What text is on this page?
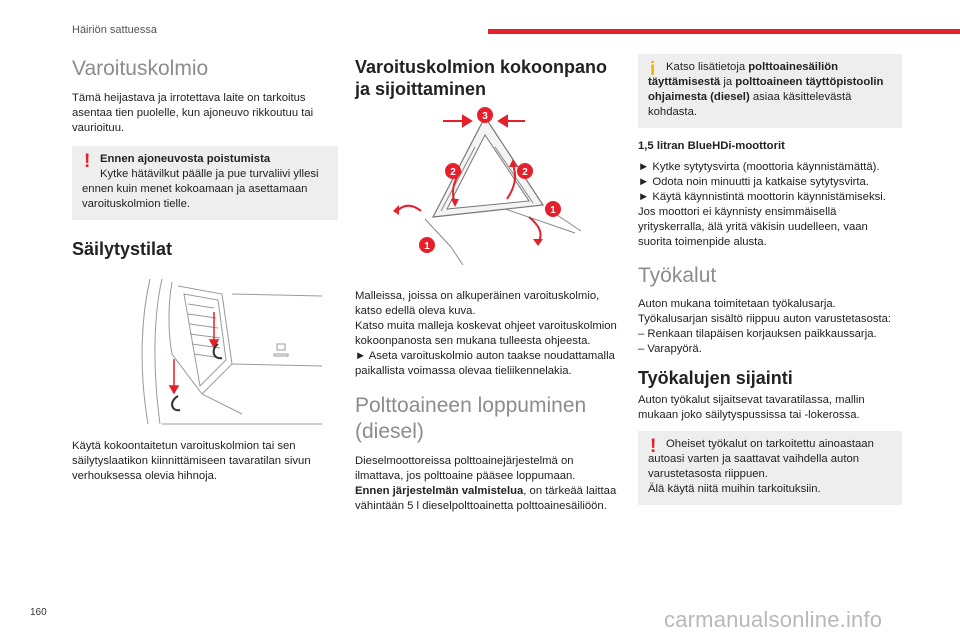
Häiriön sattuessa
Varoituskolmio

Tämä heijastava ja irrotettava laite on tarkoitus asentaa tien puolelle, kun ajoneuvo rikkoutuu tai vaurioituu.

! Ennen ajoneuvosta poistumista

Kytke hätävilkut päälle ja pue turvaliivi yllesi ennen kuin menet kokoamaan ja asettamaan varoituskolmion tielle.

Säilytystilat

Käytä kokoontaitetun varoituskolmion tai sen säilytyslaatikon kiinnittämiseen tavaratilan sivun verhouksessa olevia hihnoja.

Varoituskolmion kokoonpano ja sijoittaminen
3
2	2
1
1

Malleissa, joissa on alkuperäinen varoituskolmio, katso edellä oleva kuva.

Katso muita malleja koskevat ohjeet varoituskolmion kokoonpanosta sen mukana tulleesta ohjeesta.

► Aseta varoituskolmio auton taakse noudattamalla paikallista voimassa olevaa tieliikennelakia.

Polttoaineen loppuminen (diesel)

Dieselmoottoreissa polttoainejärjestelmä on ilmattava, jos polttoaine pääsee loppumaan.

Ennen järjestelmän valmistelua, on tärkeää laittaa vähintään 5 l dieselpolttoainetta polttoainesäiliöön.

i Katso lisätietoja polttoainesäiliön täyttämisestä ja polttoaineen täyttöpistoolin ohjaimesta (diesel) asiaa käsittelevästä kohdasta.

1,5 litran BlueHDi-moottorit

► Kytke sytytysvirta (moottoria käynnistämättä).

► Odota noin minuutti ja katkaise sytytysvirta.

► Käytä käynnistintä moottorin käynnistämiseksi.

Jos moottori ei käynnisty ensimmäisellä yrityskerralla, älä yritä väkisin uudelleen, vaan suorita toimenpide alusta.

Työkalut

Auton mukana toimitetaan työkalusarja.

Työkalusarjan sisältö riippuu auton varustetasosta:

– Renkaan tilapäisen korjauksen paikkaussarja.

– Varapyörä.

Työkalujen sijainti

Auton työkalut sijaitsevat tavaratilassa, mallin mukaan joko säilytyspussissa tai -lokerossa.

! Oheiset työkalut on tarkoitettu ainoastaan autoasi varten ja saattavat vaihdella auton varustetasosta riippuen.

Älä käytä niitä muihin tarkoituksiin.

160	carmanualsonline.info
